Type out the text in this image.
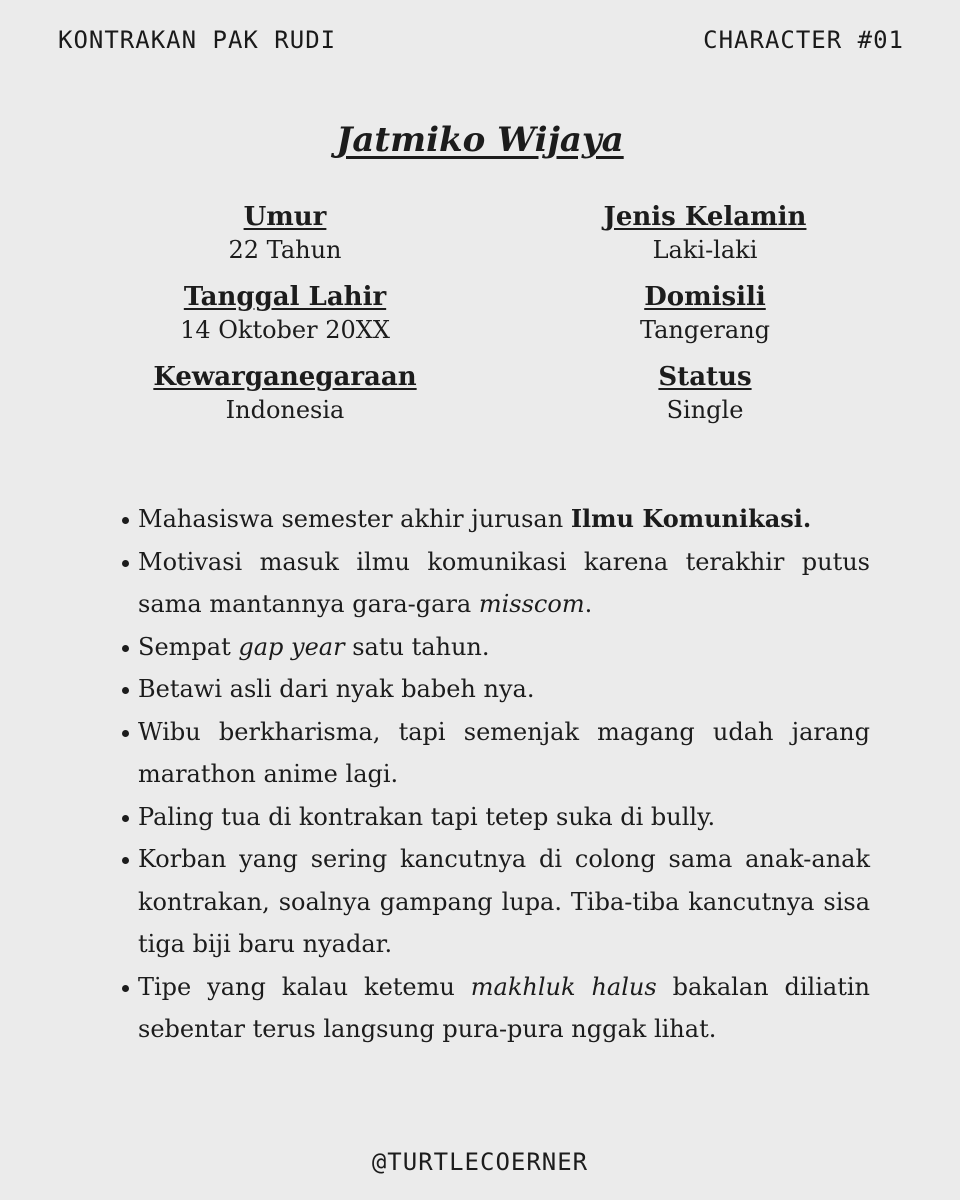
KONTRAKAN PAK RUDI	CHARACTER #01
Jatmiko Wijaya
Umur
22 Tahun
Jenis Kelamin
Laki-laki
Tanggal Lahir
14 Oktober 20XX
Domisili
Tangerang
Kewarganegaraan
Indonesia
Status
Single
Mahasiswa semester akhir jurusan Ilmu Komunikasi.
Motivasi masuk ilmu komunikasi karena terakhir putus sama mantannya gara-gara misscom.
Sempat gap year satu tahun.
Betawi asli dari nyak babeh nya.
Wibu berkharisma, tapi semenjak magang udah jarang marathon anime lagi.
Paling tua di kontrakan tapi tetep suka di bully.
Korban yang sering kancutnya di colong sama anak-anak kontrakan, soalnya gampang lupa. Tiba-tiba kancutnya sisa tiga biji baru nyadar.
Tipe yang kalau ketemu makhluk halus bakalan diliatin sebentar terus langsung pura-pura nggak lihat.
@TURTLECOERNER
